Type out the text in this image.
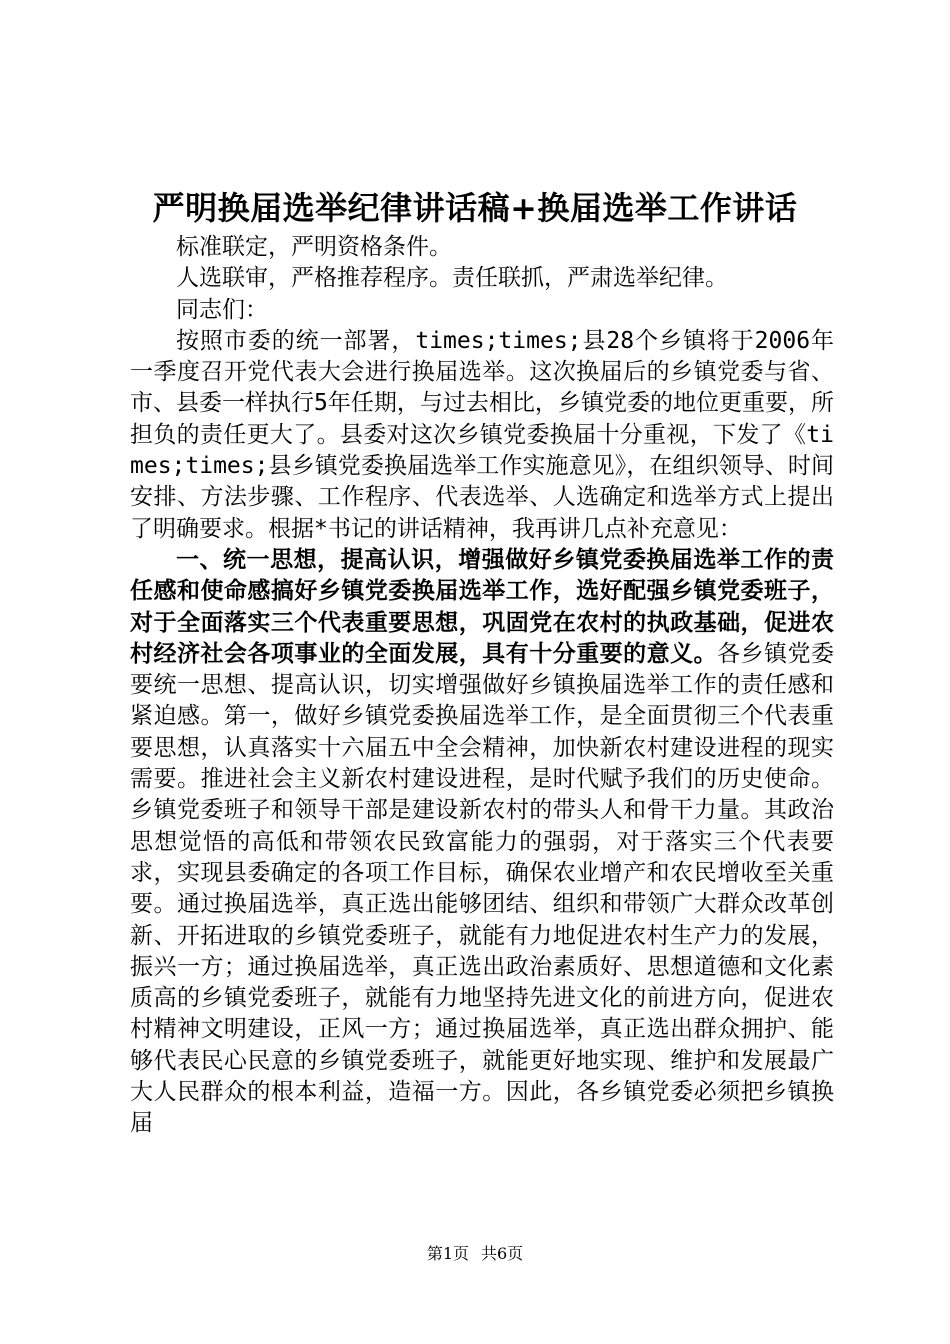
严明换届选举纪律讲话稿+换届选举工作讲话

标准联定，严明资格条件。

人选联审，严格推荐程序。责任联抓，严肃选举纪律。

同志们：

按照市委的统一部署，times;times;县28个乡镇将于2006年一季度召开党代表大会进行换届选举。这次换届后的乡镇党委与省、市、县委一样执行5年任期，与过去相比，乡镇党委的地位更重要，所担负的责任更大了。县委对这次乡镇党委换届十分重视，下发了《times;times;县乡镇党委换届选举工作实施意见》，在组织领导、时间安排、方法步骤、工作程序、代表选举、人选确定和选举方式上提出了明确要求。根据*书记的讲话精神，我再讲几点补充意见：

一、统一思想，提高认识，增强做好乡镇党委换届选举工作的责任感和使命感搞好乡镇党委换届选举工作，选好配强乡镇党委班子，对于全面落实三个代表重要思想，巩固党在农村的执政基础，促进农村经济社会各项事业的全面发展，具有十分重要的意义。各乡镇党委要统一思想、提高认识，切实增强做好乡镇换届选举工作的责任感和紧迫感。第一，做好乡镇党委换届选举工作，是全面贯彻三个代表重要思想，认真落实十六届五中全会精神，加快新农村建设进程的现实需要。推进社会主义新农村建设进程，是时代赋予我们的历史使命。乡镇党委班子和领导干部是建设新农村的带头人和骨干力量。其政治思想觉悟的高低和带领农民致富能力的强弱，对于落实三个代表要求，实现县委确定的各项工作目标，确保农业增产和农民增收至关重要。通过换届选举，真正选出能够团结、组织和带领广大群众改革创新、开拓进取的乡镇党委班子，就能有力地促进农村生产力的发展，振兴一方；通过换届选举，真正选出政治素质好、思想道德和文化素质高的乡镇党委班子，就能有力地坚持先进文化的前进方向，促进农村精神文明建设，正风一方；通过换届选举，真正选出群众拥护、能够代表民心民意的乡镇党委班子，就能更好地实现、维护和发展最广大人民群众的根本利益，造福一方。因此，各乡镇党委必须把乡镇换届

第1页 共6页
